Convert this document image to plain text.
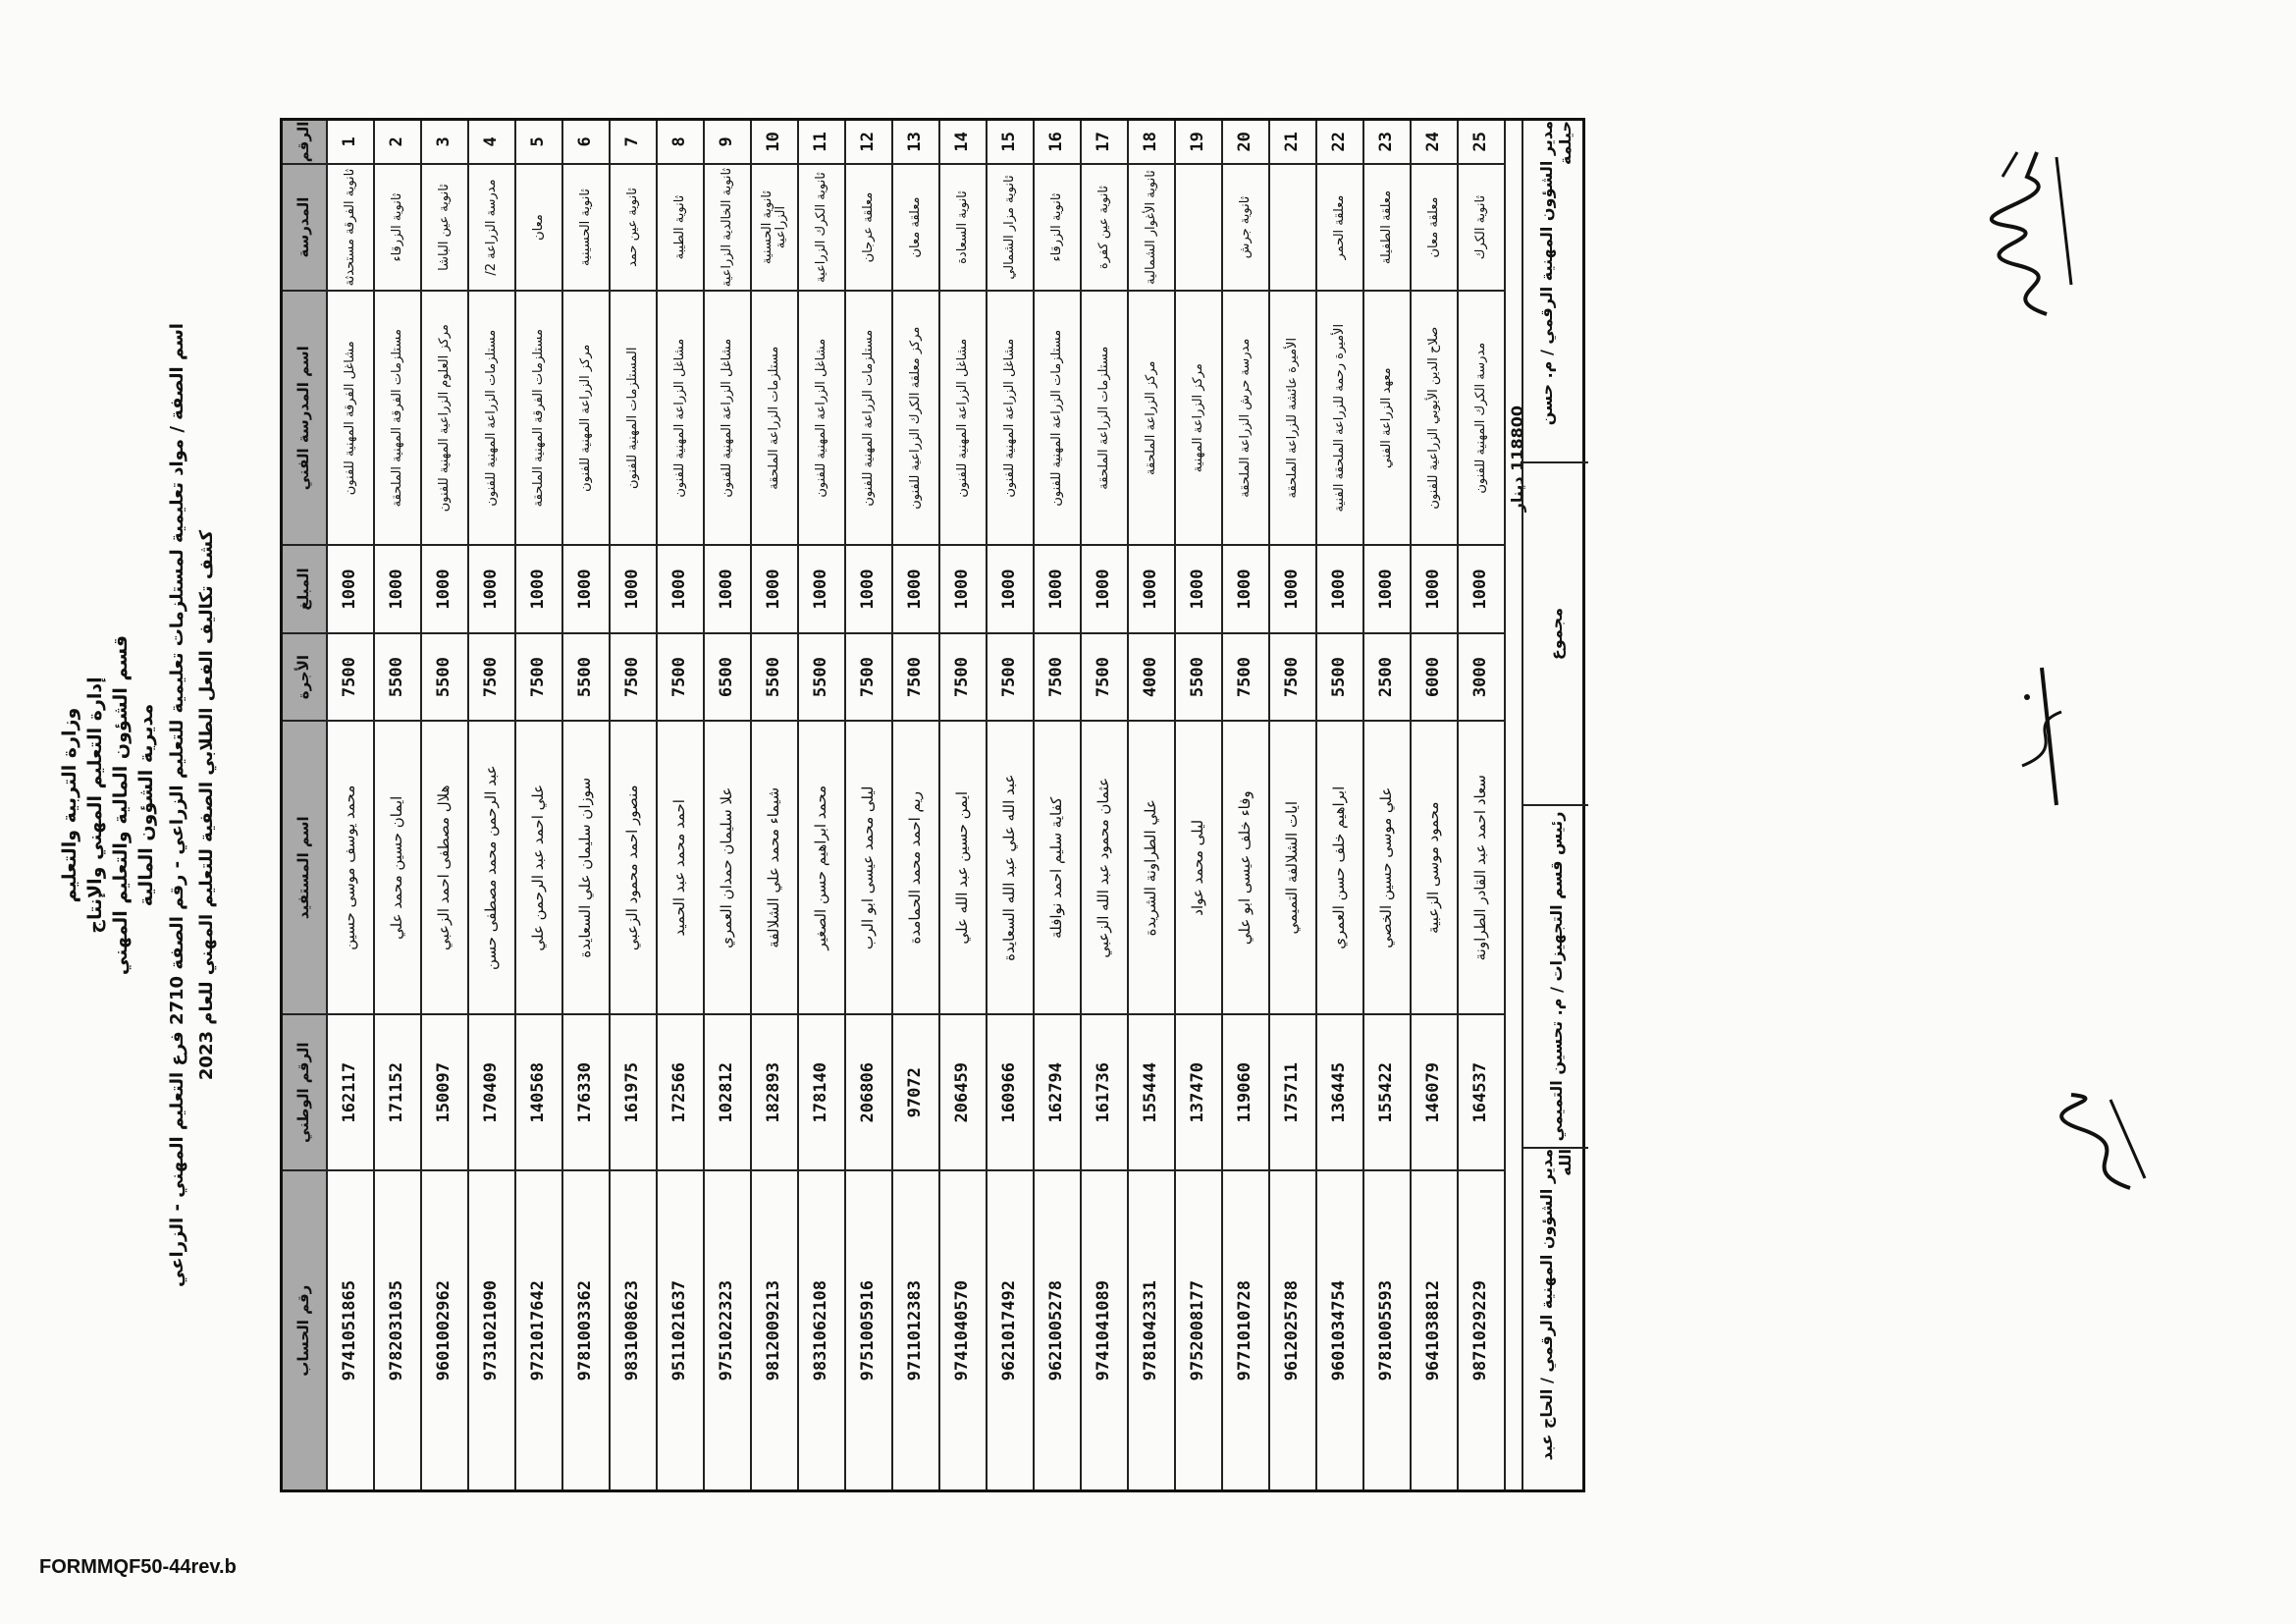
وزارة التربية والتعليم إدارة التعليم المهني والإنتاج قسم الشؤون المالية والتعليم المهني مديرية الشؤون المالية
اسم الصفة / مواد تعليمية لمستلزمات تعليمية للتعليم الزراعي - رقم الصفة 2710 فرع التعليم المهني - الزراعي
كشف تكاليف الفعل الطلابي الصفية للتعليم المهني للعام 2023
الرقم
المدرسة
اسم المدرسة الفني
المبلغ
الأجرة
اسم المستفيد
الرقم الوطني
رقم الحساب
1
ثانوية الفرقة مستحدثة
مشاغل الفرقة المهنية للفنون
1000
7500
محمد يوسف موسى حسين
162117
9741051865
2
ثانوية الزرقاء
مستلزمات الفرقة المهنية الملحقة
1000
5500
ايمان حسين محمد علي
171152
9782031035
3
ثانوية عين الباشا
مركز العلوم الزراعية المهنية للفنون
1000
5500
هلال مصطفى احمد الزعبي
150097
9601002962
4
مدرسة الزراعة 2/
مستلزمات الزراعة المهنية للفنون
1000
7500
عبد الرحمن محمد مصطفى حسن
170409
9731021090
5
معان
مستلزمات الفرقة المهنية الملحقة
1000
7500
علي احمد عبد الرحمن علي
140568
9721017642
6
ثانوية الحسينية
مركز الزراعة المهنية للفنون
1000
5500
سوزان سليمان علي السعايدة
176330
9781003362
7
ثانوية عين حمد
المستلزمات المهنية للفنون
1000
7500
منصور احمد محمود الزعبي
161975
9831008623
8
ثانوية الطيبة
مشاغل الزراعة المهنية للفنون
1000
7500
احمد محمد عبد الحميد
172566
9511021637
9
ثانوية الخالدية الزراعية
مشاغل الزراعة المهنية للفنون
1000
6500
علا سليمان حمدان العمري
102812
9751022323
10
ثانوية الحسنية الزراعية
مستلزمات الزراعة الملحقة
1000
5500
شيماء محمد علي الشلالفة
182893
9812009213
11
ثانوية الكرك الزراعية
مشاغل الزراعة المهنية للفنون
1000
5500
محمد ابراهيم حسن الصغير
178140
9831062108
12
معلقة عرجان
مستلزمات الزراعة المهنية للفنون
1000
7500
ليلى محمد عيسى ابو الرب
206806
9751005916
13
معلقة معان
مركز معلقة الكرك الزراعية للفنون
1000
7500
ريم احمد محمد الحمامدة
97072
9711012383
14
ثانوية السعادة
مشاغل الزراعة المهنية للفنون
1000
7500
ايمن حسين عبد الله علي
206459
9741040570
15
ثانوية مزار الشمالي
مشاغل الزراعة المهنية للفنون
1000
7500
عبد الله علي عبد الله السعايدة
160966
9621017492
16
ثانوية الزرقاء
مستلزمات الزراعة المهنية للفنون
1000
7500
كفاية سليم احمد نوافلة
162794
9621005278
17
ثانوية عين كفرة
مستلزمات الزراعة الملحقة
1000
7500
عثمان محمود عبد الله الزعبي
161736
9741041089
18
ثانوية الأغوار الشمالية
مركز الزراعة الملحقة
1000
4000
علي الطراونة الشريدة
155444
9781042331
19
مركز الزراعة المهنية
1000
5500
ليلى محمد عواد
137470
9752008177
20
ثانوية جرش
مدرسة حرش الزراعة الملحقة
1000
7500
وفاء خلف عيسى ابو علي
119060
9771010728
21
الأميرة عائشة للزراعة الملحقة
1000
7500
ايات الشلالفة التميمي
175711
9612025788
22
معلقة الحمر
الأميرة رحمة للزراعة الملحقة الفنية
1000
5500
ابراهيم خلف حسن العمري
136445
9601034754
23
معلقة الطفيلة
معهد الزراعة الفني
1000
2500
علي موسى حسين الخصي
155422
9781005593
24
معلقة معان
صلاح الدين الأيوبي الزراعية للفنون
1000
6000
محمود موسى الزعبية
146079
9641038812
25
ثانوية الكرك
مدرسة الكرك المهنية للفنون
1000
3000
سعاد احمد عبد القادر الطراونة
164537
9871029229
118800 دينار
مدير الشؤون المهنية الرقمي / م. حسن حيلمة
مجموع
رئيس قسم التجهيزات / م. تحسين التميمي
مدير الشؤون المهنية الرقمي / الحاج عبد الله
FORMMQF50-44rev.b
